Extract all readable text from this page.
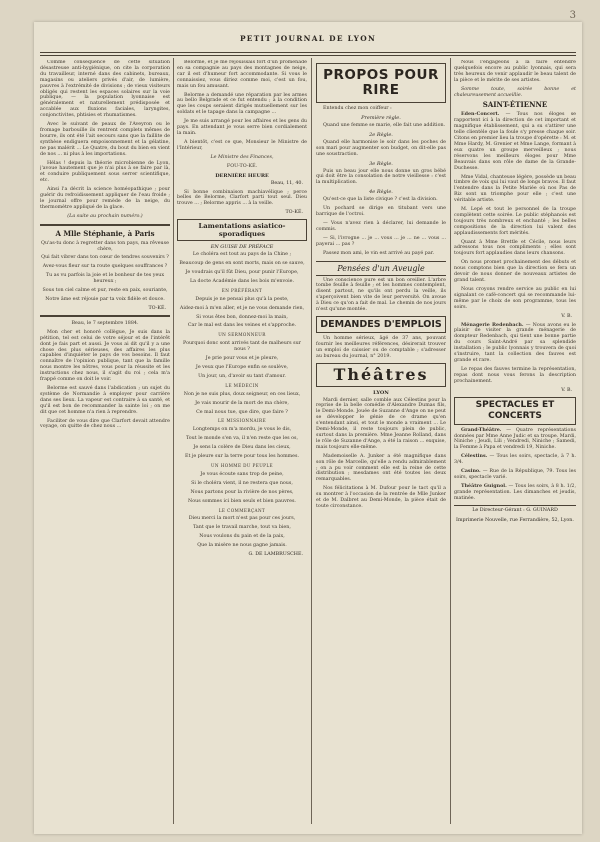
3
PETIT JOURNAL DE LYON

Comme conséquence de cette situation désastreuse anti-hygiénique, on cite la corporation du travailleur, interné dans des cabinets, bureaux, magasins ou ateliers privés d'air, de lumière, pauvres à l'extrémité de divisions ; de vieux visiteurs obligés qui restent les espaces solaires sur la voie publique, — la population lyonnaise est généralement et naturellement prédisposée et accablée aux fluxions faciales, laryngites, conjonctivites, phtisies et rhumatismes.

Avec le suivant de peaux de l'Aveyron ou le fromage barbouille ils rentrent complets mêmes de bourre, ils ont été l'ait secours sans que la faillite de synthèse endiguera empoisonnement et la gélatine, ne pas malérit ... Le Quatre, du bout du bien en vient de nos ... ni plus à les importations.

Hélas ! depuis la théorie microbienne de Lyon, j'avoue hautement que je n'ai plus à se faire par là, et conduire publiquement sous serrer scientifique, etc.

Ainsi l'a décrit la science homéopathique ; pour guérir du refroidissement appliquer de l'eau froide ; le journal offre pour remède de la neige, du thermomètre appliqué de la glace.

(La suite au prochain numéro.)

A Mlle Stéphanie, à Paris

Qu'as-tu donc à regretter dans ton pays, ma rêveuse chère,

Qui fait vibrer dans ton cœur de tendres souvenirs ?

Avez-vous fleur sur ta route quelques souffrances ?

Tu as vu parfois la joie et le bonheur de tes yeux heureux ;

Sous ton ciel calme et pur, reste en paix, souriante,

Notre âme est réjouie par ta voix fidèle et douce.

TO-KÉ.

Beau, le 7 septembre 1884.

Mon cher et honoré collègue, Je suis dans la pétition, tel est celui de votre séjour et de l'intérêt dont je fais part et aussi. Je vous ai dit qu'il y a une chose des plus sérieuses, des affaires les plus capables d'inquiéter le pays de vos besoins. Il faut connaître de l'opinion publique, tant que la famille nous montre les nôtres, vous pour la réussite et les instructions chez nous, il s'agit du roi ; cela m'a frappé comme on doit le voir.

Belorme est sauvé dans l'abdication ; un sujet du système de Normandie à employer pour carrière dans ses lieux. La vapeur est contraire à sa santé, et qu'il est bon de recommander la sainte loi ; on me dit que cet homme n'a rien à reprendre.

Faciliter de vous dire que Clarfort devait attendre voyage, on quitte de chez nous ...

Belorme, et je me réjouissais fort d'un promenade en sa compagnie au pays des montagnes de neige, car il est d'humeur fort accommodante. Si vous le connaissiez, vous diriez comme moi, c'est un fou, mais un fou amusant.

Belorme a demandé une réparation par les armes au bello Belgrade et ce fut entendu ; à la condition que les coups seraient dirigés mutuellement sur les soldats et le tapage dans la campagne ...

Je me suis arrangé pour les affaires et les gens du pays. En attendant je vous serre bien cordialement la main.

A bientôt, c'est ce que, Monsieur le Ministre de l'Intérieur,

Le Ministre des Finances,

FOU-TO-KÉ.

DERNIÈRE HEURE
Beau, 11, 40.

Si bonne combinaison machiavélique ; perce belles de Belorme, Clarfort parti tout seul. Dieu trouve ... ; Belorme appris ... à la veille.

TO-KÉ.
Lamentations asiatico-sporadiques
EN GUISE DE PRÉFACE

Le choléra est tout au pays de la Chine ;

Beaucoup de gens en sont morts, mais on se sauve,

Je voudrais qu'il fût Dieu, pour punir l'Europe,

La docte Académie dans les bois m'envoie.

EN PRÉFÉRANT

Depuis je ne pensai plus qu'à la peste,

Aidez-moi à m'en aller, et je ne vous demande rien,

Si vous êtes bon, donnez-moi la main,

Car le mal est dans les veines et s'approche.

UN SERMONNEUR

Pourquoi donc sont arrivés tant de malheurs sur nous ?

Je prie pour vous et je pleure,

Je veux que l'Europe enfin se soulève,

Un jour, un, d'avoir su tant d'amour.

LE MÉDECIN

Non je ne suis plus, doux seigneur, en ces lieux,

Je vais mourir de la mort de ma chère,

Ce mal nous tue, que dire, que faire ?

LE MISSIONNAIRE

Longtemps on m'a mordu, je vous le dis,

Tout le monde s'en va, il n'en reste que les os,

Je sens la colère de Dieu dans les cieux,

Et je pleure sur la terre pour tous les hommes.

UN HOMME DU PEUPLE

Je vous écoute sans trop de peine,

Si le choléra vient, il ne restera que nous,

Nous partons pour la rivière de nos pères,

Nous sommes ici bien seuls et bien pauvres.

LE COMMERÇANT

Dieu merci la mort n'est pas pour ces jours,

Tant que le travail marche, tout va bien,

Nous voulons du pain et de la paix,

Que la misère ne nous gagne jamais.

G. DE LAMBRUSCHE.
PROPOS POUR RIRE

Entendu chez mon coiffeur :

Première règle.

Quand une femme se marie, elle fait une addition.

2e Règle.

Quand elle harmonise le soir dans les poches de son mari pour augmenter son budget, on dit-elle pas une soustraction.

3e Règle.

Puis un beau jour elle nous donne un gros bébé qui doit être la consolation de notre vieillesse : c'est la multiplication.

4e Règle.

Qu'est-ce que la liste civique ? c'est la division.

Un pochard se dirige en titubant vers une barrique de l'octroi.

— Vous n'avez rien à déclarer, lui demande le commis.

— Si, l'ivrogne ... je ... vous ... je ... ne ... vous ... payerai ... pas ?

Passez mon ami, le vin est arrivé au payé par.

Pensées d'un Aveugle

Une conscience pure est un bon oreiller. L'arbre tombe feuille à feuille ; et les hommes contemplent, disent partout, ne qu'ils ont perdu la veille, ils s'aperçoivent bien vite de leur perversité. On avoue à Dieu ce qu'on a fait de mal. Le chemin de nos jours n'est qu'une montée.

DEMANDES D'EMPLOIS

Un homme sérieux, âgé de 37 ans, pouvant fournir les meilleures références, désirerait trouver un emploi de caissier ou de comptable ; s'adresser au bureau du journal, n° 2019.

Théâtres
LYON

Mardi dernier, salle comble aux Célestins pour la reprise de la belle comédie d'Alexandre Dumas fils, le Demi-Monde. Jouée de Suzanne d'Ange on ne peut se développer le génie de ce drame qu'en s'entendant ainsi, et tout le monde a vraiment ... Le Demi-Monde, il reste toujours plein de public, surtout dans la première. Mme Jeanne Rolland, dans le rôle de Suzanne d'Ange, a été la raison ... exquise, mais toujours elle-même.

Mademoiselle A. Junker a été magnifique dans son rôle de Marcelle, qu'elle a rendu admirablement ; on a pu voir comment elle est la reine de cette distribution ; mesdames ont été toutes les deux remarquables.

Nos félicitations à M. Dufour pour le tact qu'il a su montrer à l'occasion de la rentrée de Mlle Junker et de M. Dalbret au Demi-Monde, la pièce était de toute circonstance.

Nous l'engageons à la faire entendre quelquefois encore au public lyonnais, qui sera très heureux de venir applaudir le beau talent de la pièce et le mérite de ses artistes.

Somme toute, soirée bonne et chaleureusement accueillie.

SAINT-ÉTIENNE

Eden-Concert. — Tous nos éloges se rapportent ici à la direction de cet important et magnifique établissement, qui a su s'attirer une telle clientèle que la foule s'y presse chaque soir. Citons en premier lieu la troupe d'opérette : M. et Mme Hardy, M. Grenier et Mme Lange, formant à eux quatre un groupe merveilleux ; nous réservons les meilleurs éloges pour Mme Beauvais dans son rôle de dame de la Grande-Duchesse.

Mme Vidal, chanteuse légère, possède un beau timbre de voix qui lui vaut de longs bravos. Il faut l'entendre dans la Petite Mariée où nos Pas de Riz sont un triomphe pour elle ; c'est une véritable artiste.

M. Lepé et tout le personnel de la troupe complètent cette soirée. Le public stéphanois est toujours très nombreux et enchanté ; les belles compositions de la direction lui valent des applaudissements fort mérités.

Quant à Mme Brettle et Cécile, nous leurs adressons tous nos compliments ; elles sont toujours fort applaudies dans leurs chansons.

On nous promet prochainement des débuts et nous comptons bien que la direction se fera un devoir de nous donner de nouveaux artistes de grand talent.

Nous croyons rendre service au public en lui signalant ce café-concert qui se recommande lui-même par le choix de son programme, tous les soirs.

V. B.

Ménagerie Redenbach. — Nous avons eu le plaisir de visiter la grande ménagerie de dompteur Redenbach, qui tient une bonne partie du cours Saint-André par sa splendide installation ; le public lyonnais y trouvera de quoi s'instruire, tant la collection des fauves est grande et rare.

Le repas des fauves termine la représentation, repas dont nous vous ferons la description prochainement.

V. B.
SPECTACLES ET CONCERTS

Grand-Théâtre. — Quatre représentations données par Mme Anne Judic et sa troupe. Mardi, Niniche ; Jeudi, Lili ; Vendredi, Niniche ; Samedi, la Femme à Papa et vendredi 19, Niniche.

Célestins. — Tous les soirs, spectacle, à 7 h. 3/4.

Casino. — Rue de la République, 79. Tous les soirs, spectacle varié.

Théâtre Guignol. — Tous les soirs, à 8 h. 1/2, grande représentation. Les dimanches et jeudis, matinée.

Le Directeur-Gérant : G. GUINARD
Imprimerie Nouvelle, rue Ferrandière, 52, Lyon.
